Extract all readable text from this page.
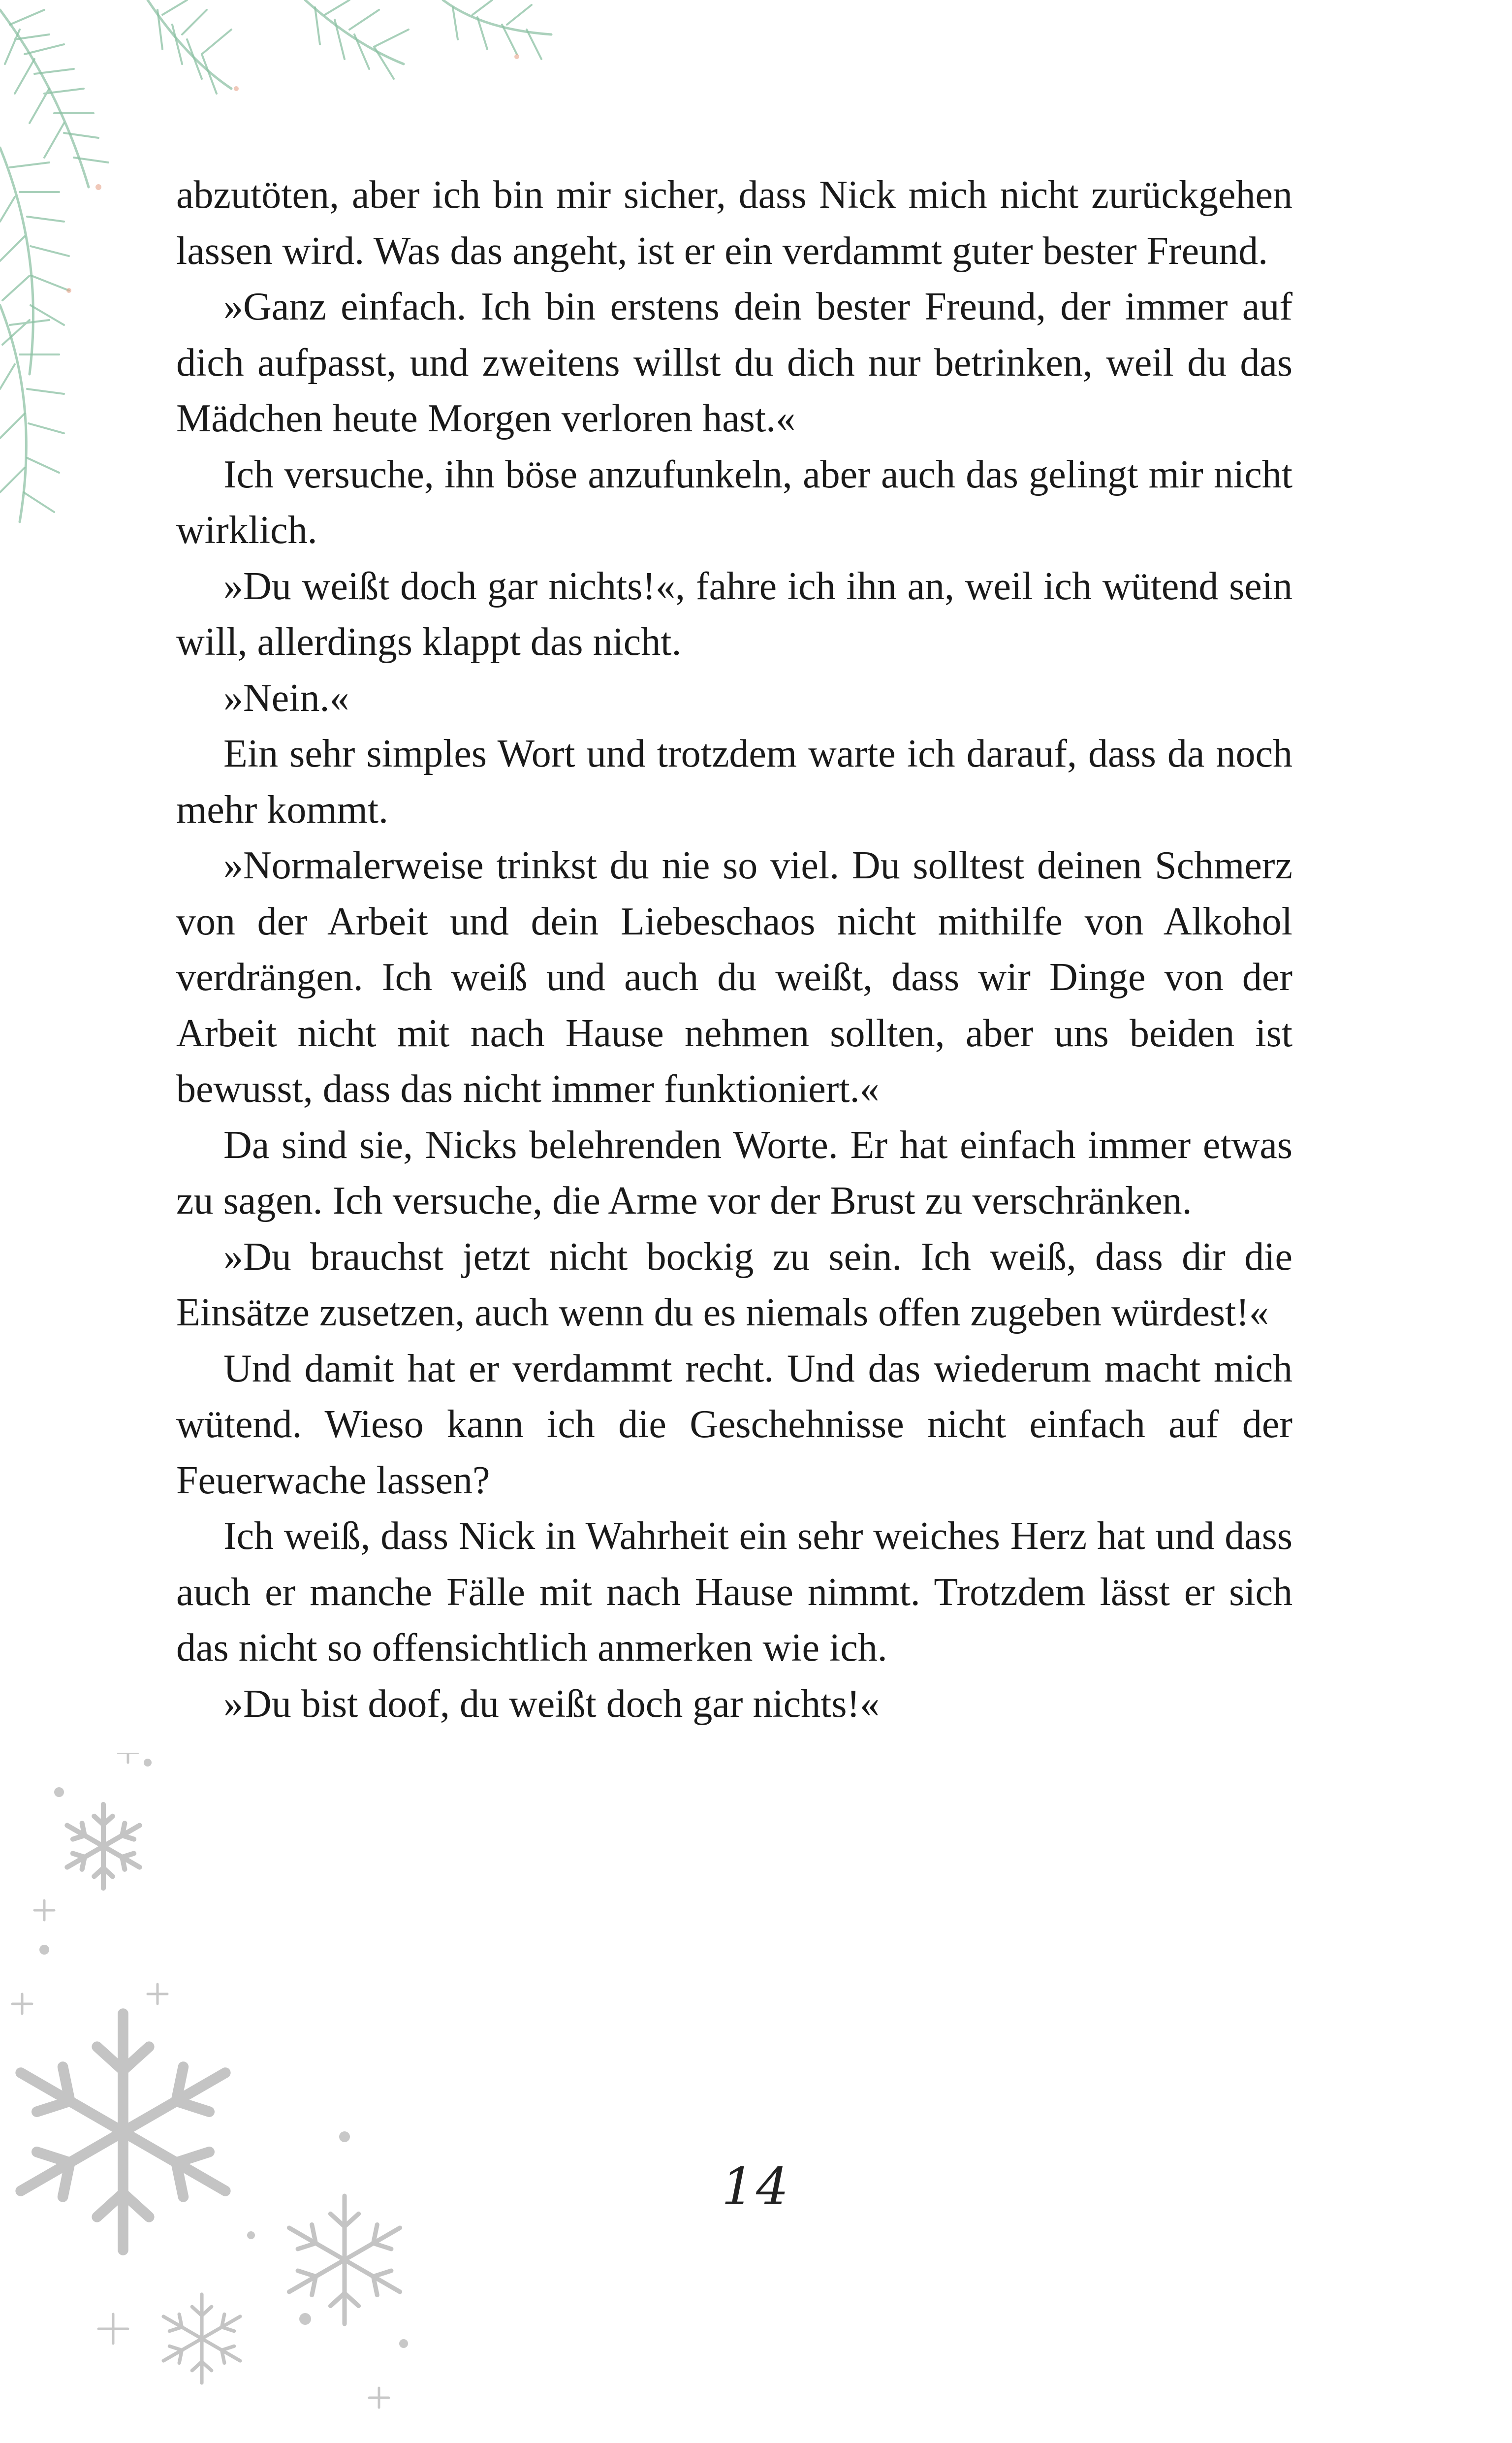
abzutöten, aber ich bin mir sicher, dass Nick mich nicht zurückgehen lassen wird. Was das angeht, ist er ein verdammt guter bester Freund.

»Ganz einfach. Ich bin erstens dein bester Freund, der immer auf dich aufpasst, und zweitens willst du dich nur betrinken, weil du das Mädchen heute Morgen verloren hast.«

Ich versuche, ihn böse anzufunkeln, aber auch das gelingt mir nicht wirklich.

»Du weißt doch gar nichts!«, fahre ich ihn an, weil ich wütend sein will, allerdings klappt das nicht.

»Nein.«

Ein sehr simples Wort und trotzdem warte ich darauf, dass da noch mehr kommt.

»Normalerweise trinkst du nie so viel. Du solltest deinen Schmerz von der Arbeit und dein Liebeschaos nicht mithilfe von Alkohol verdrängen. Ich weiß und auch du weißt, dass wir Dinge von der Arbeit nicht mit nach Hause nehmen sollten, aber uns beiden ist bewusst, dass das nicht immer funktioniert.«

Da sind sie, Nicks belehrenden Worte. Er hat einfach immer etwas zu sagen. Ich versuche, die Arme vor der Brust zu verschränken.

»Du brauchst jetzt nicht bockig zu sein. Ich weiß, dass dir die Einsätze zusetzen, auch wenn du es niemals offen zugeben würdest!«

Und damit hat er verdammt recht. Und das wiederum macht mich wütend. Wieso kann ich die Geschehnisse nicht einfach auf der Feuerwache lassen?

Ich weiß, dass Nick in Wahrheit ein sehr weiches Herz hat und dass auch er manche Fälle mit nach Hause nimmt. Trotzdem lässt er sich das nicht so offensichtlich anmerken wie ich.

»Du bist doof, du weißt doch gar nichts!«

14
